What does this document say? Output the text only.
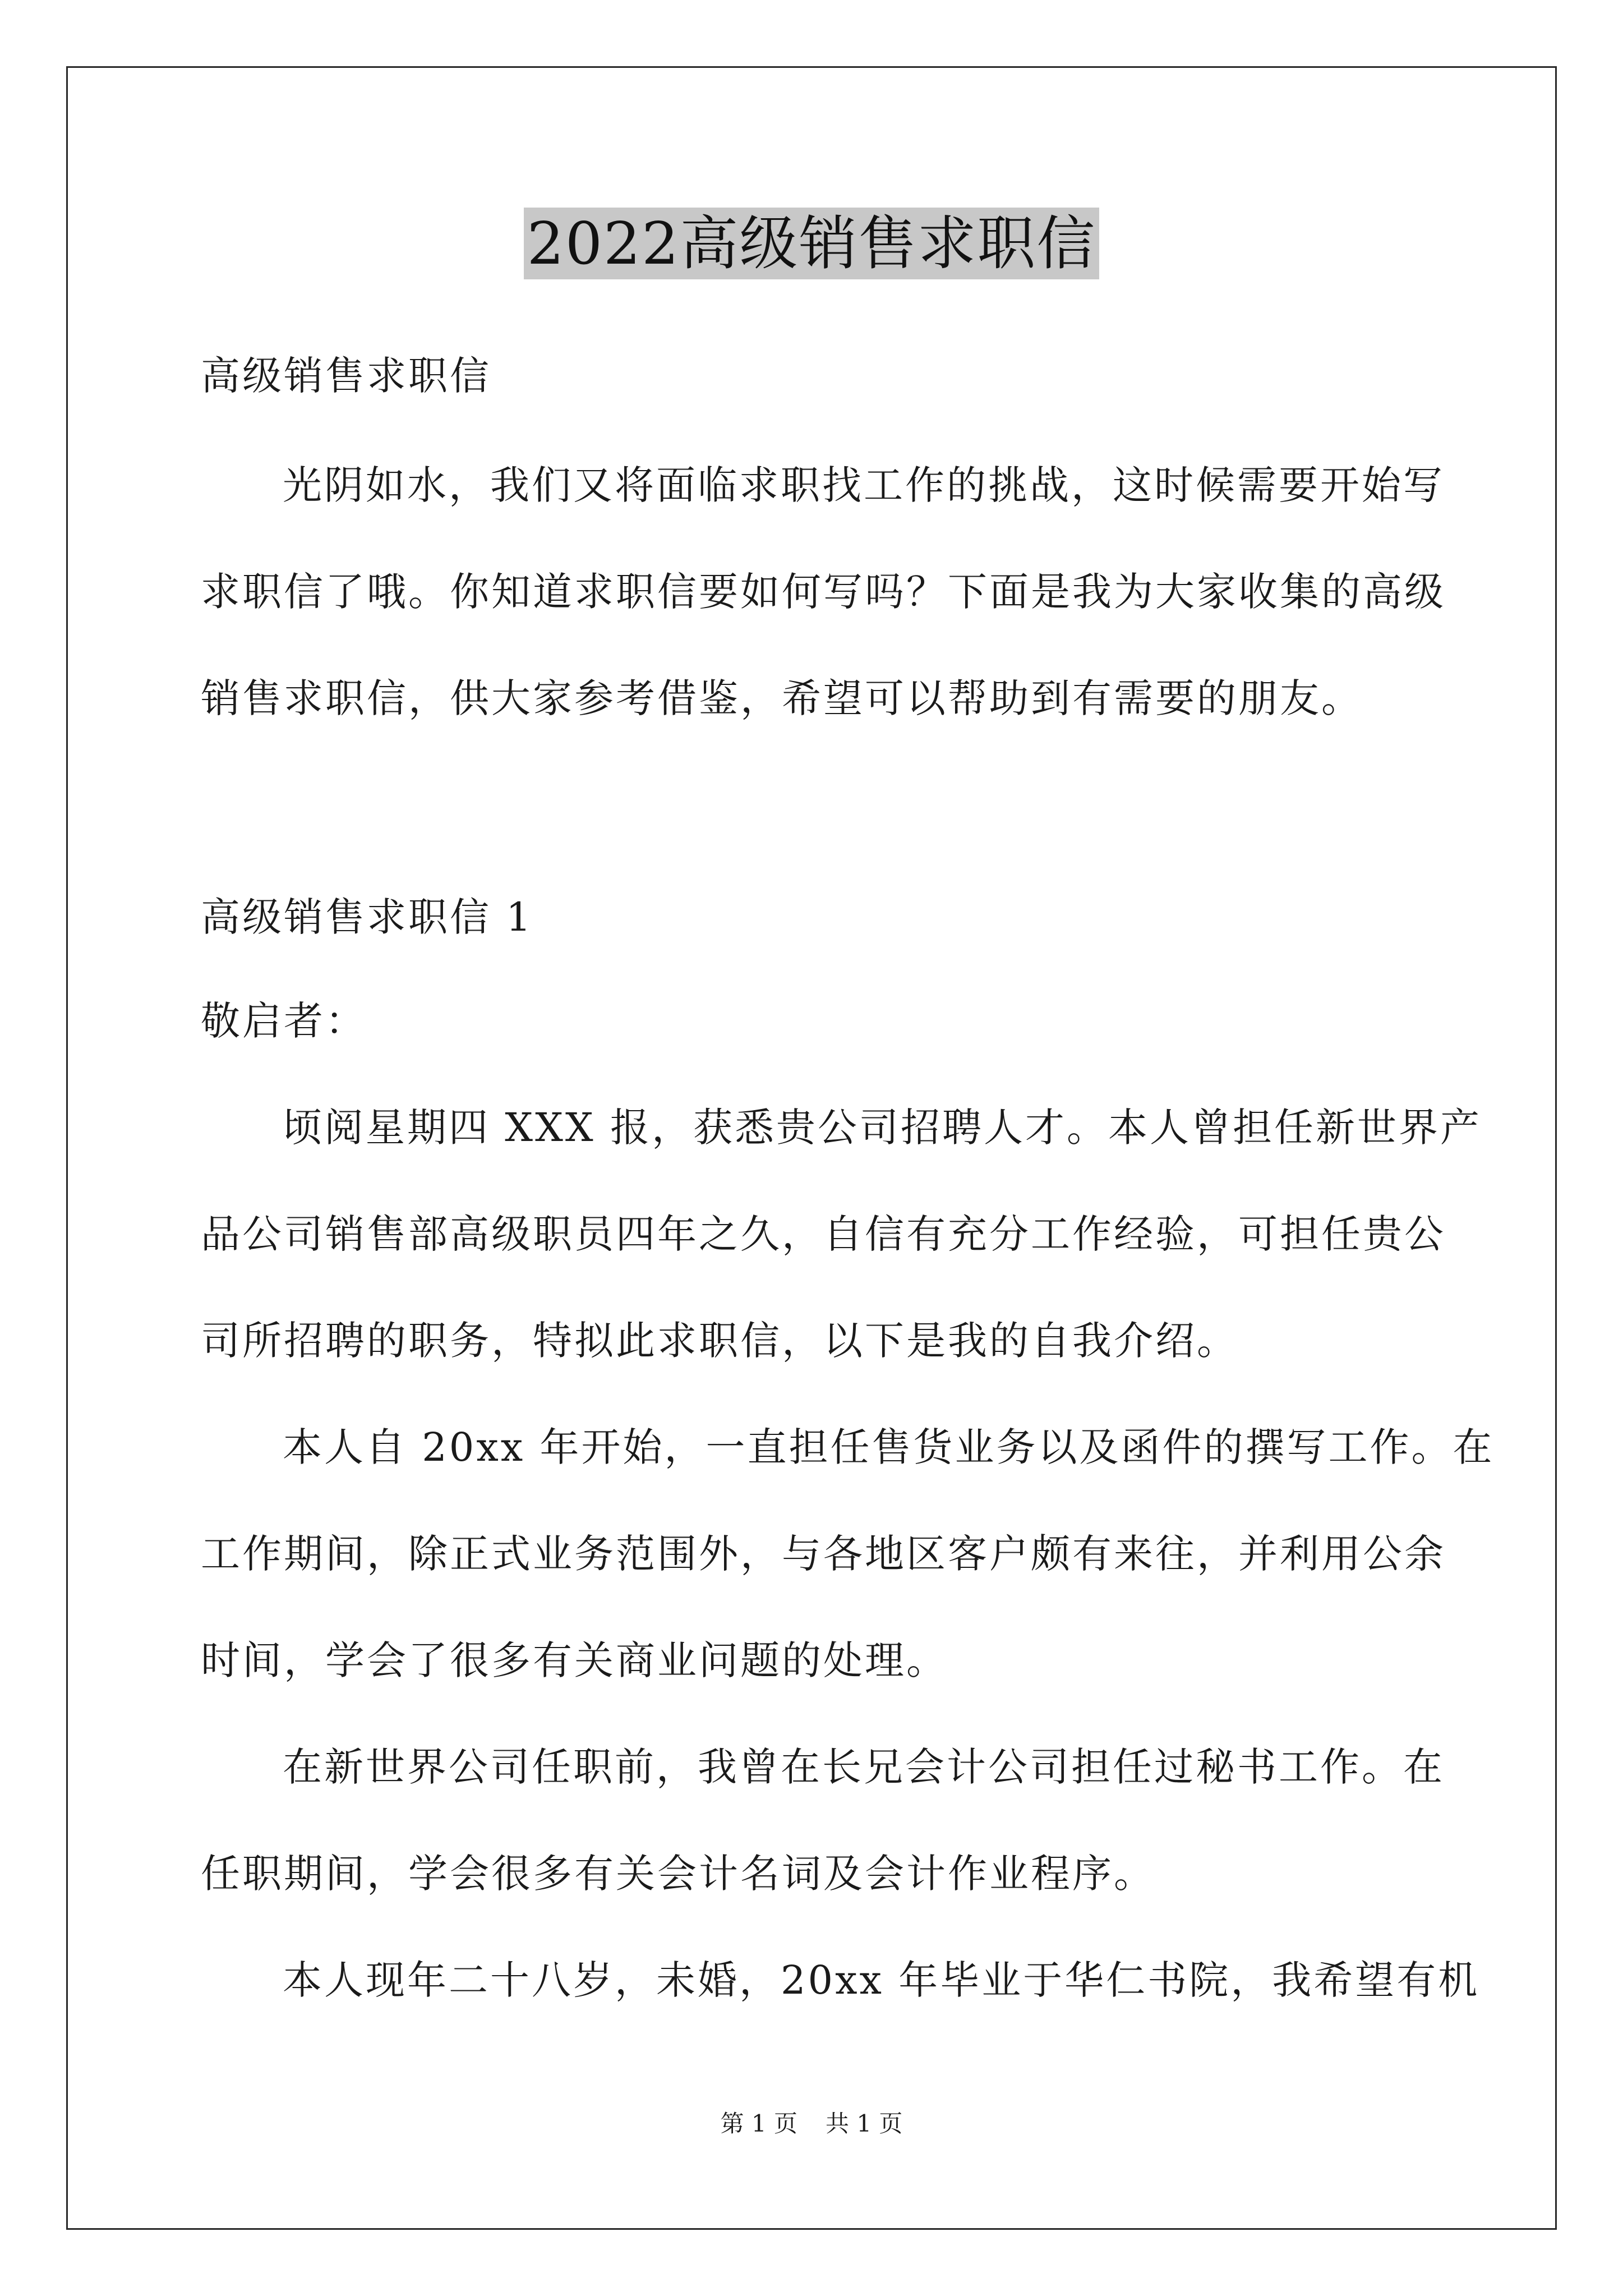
2022高级销售求职信

高级销售求职信

光阴如水，我们又将面临求职找工作的挑战，这时候需要开始写

求职信了哦。你知道求职信要如何写吗？下面是我为大家收集的高级

销售求职信，供大家参考借鉴，希望可以帮助到有需要的朋友。

高级销售求职信 1

敬启者：

顷阅星期四 XXX 报，获悉贵公司招聘人才。本人曾担任新世界产

品公司销售部高级职员四年之久，自信有充分工作经验，可担任贵公

司所招聘的职务，特拟此求职信，以下是我的自我介绍。

本人自 20xx 年开始，一直担任售货业务以及函件的撰写工作。在

工作期间，除正式业务范围外，与各地区客户颇有来往，并利用公余

时间，学会了很多有关商业问题的处理。

在新世界公司任职前，我曾在长兄会计公司担任过秘书工作。在

任职期间，学会很多有关会计名词及会计作业程序。

本人现年二十八岁，未婚，20xx 年毕业于华仁书院，我希望有机

第 1 页 共 1 页
